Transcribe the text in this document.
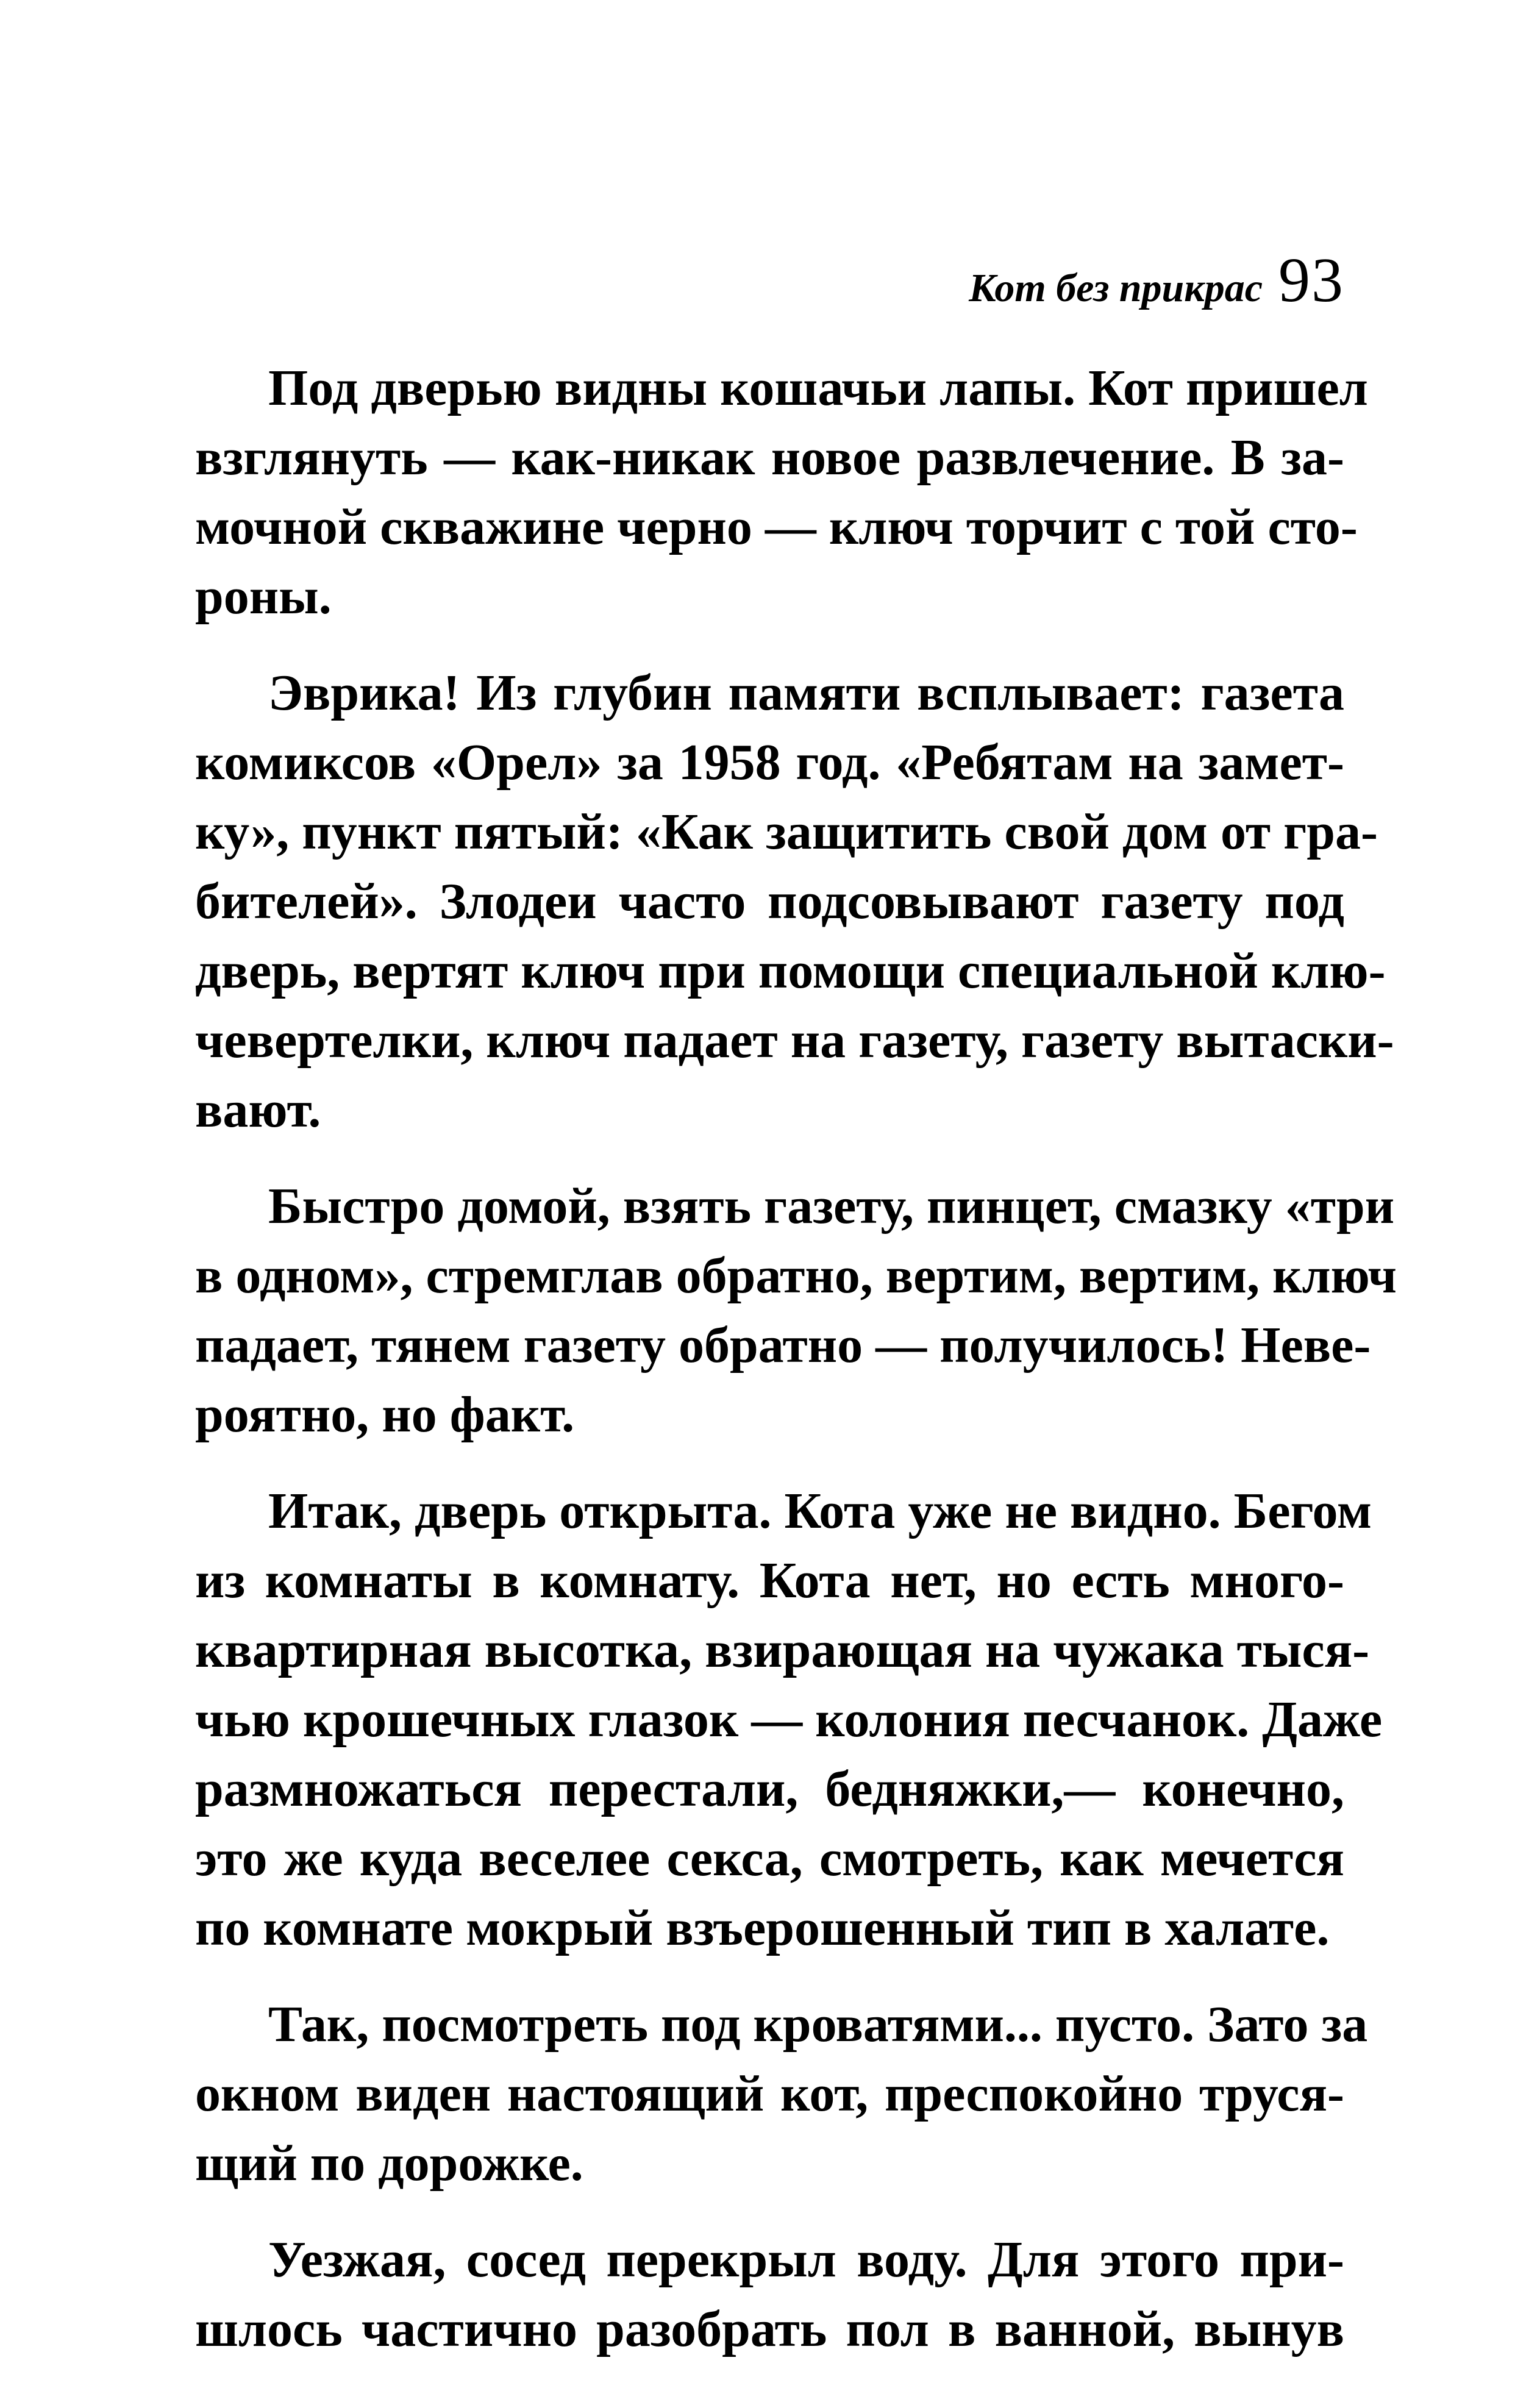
Кот без прикрас 93
Под дверью видны кошачьи лапы. Кот пришел
взглянуть — как-никак новое развлечение. В за-
мочной скважине черно — ключ торчит с той сто-
роны.
Эврика! Из глубин памяти всплывает: газета
комиксов «Орел» за 1958 год. «Ребятам на замет-
ку», пункт пятый: «Как защитить свой дом от гра-
бителей». Злодеи часто подсовывают газету под
дверь, вертят ключ при помощи специальной клю-
чевертелки, ключ падает на газету, газету вытаски-
вают.
Быстро домой, взять газету, пинцет, смазку «три
в одном», стремглав обратно, вертим, вертим, ключ
падает, тянем газету обратно — получилось! Неве-
роятно, но факт.
Итак, дверь открыта. Кота уже не видно. Бегом
из комнаты в комнату. Кота нет, но есть много-
квартирная высотка, взирающая на чужака тыся-
чью крошечных глазок — колония песчанок. Даже
размножаться перестали, бедняжки,— конечно,
это же куда веселее секса, смотреть, как мечется
по комнате мокрый взъерошенный тип в халате.
Так, посмотреть под кроватями... пусто. Зато за
окном виден настоящий кот, преспокойно труся-
щий по дорожке.
Уезжая, сосед перекрыл воду. Для этого при-
шлось частично разобрать пол в ванной, вынув
